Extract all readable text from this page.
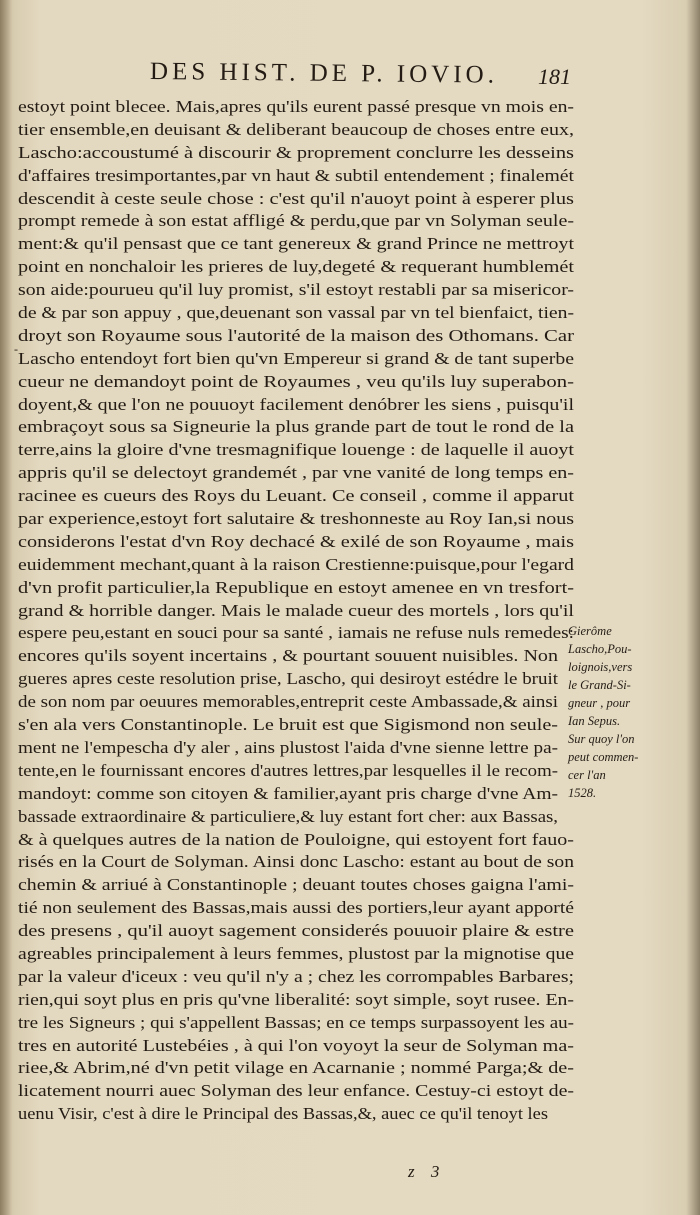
DES HIST. DE P. IOVIO. 181
-
estoyt point blecee. Mais,apres qu'ils eurent passé presque vn mois en-
tier ensemble,en deuisant & deliberant beaucoup de choses entre eux,
Lascho:accoustumé à discourir & proprement conclurre les desseins
d'affaires tresimportantes,par vn haut & subtil entendement ; finalemét
descendit à ceste seule chose : c'est qu'il n'auoyt point à esperer plus
prompt remede à son estat affligé & perdu,que par vn Solyman seule-
ment:& qu'il pensast que ce tant genereux & grand Prince ne mettroyt
point en nonchaloir les prieres de luy,degeté & requerant humblemét
son aide:pourueu qu'il luy promist, s'il estoyt restabli par sa misericor-
de & par son appuy , que,deuenant son vassal par vn tel bienfaict, tien-
droyt son Royaume sous l'autorité de la maison des Othomans. Car
Lascho entendoyt fort bien qu'vn Empereur si grand & de tant superbe
cueur ne demandoyt point de Royaumes , veu qu'ils luy superabon-
doyent,& que l'on ne pouuoyt facilement denóbrer les siens , puisqu'il
embraçoyt sous sa Signeurie la plus grande part de tout le rond de la
terre,ains la gloire d'vne tresmagnifique louenge : de laquelle il auoyt
appris qu'il se delectoyt grandemét , par vne vanité de long temps en-
racinee es cueurs des Roys du Leuant. Ce conseil , comme il apparut
par experience,estoyt fort salutaire & treshonneste au Roy Ian,si nous
considerons l'estat d'vn Roy dechacé & exilé de son Royaume , mais
euidemment mechant,quant à la raison Crestienne:puisque,pour l'egard
d'vn profit particulier,la Republique en estoyt amenee en vn tresfort-
grand & horrible danger. Mais le malade cueur des mortels , lors qu'il
espere peu,estant en souci pour sa santé , iamais ne refuse nuls remedes:
encores qu'ils soyent incertains , & pourtant souuent nuisibles. Non
gueres apres ceste resolution prise, Lascho, qui desiroyt estédre le bruit
de son nom par oeuures memorables,entreprit ceste Ambassade,& ainsi
s'en ala vers Constantinople. Le bruit est que Sigismond non seule-
ment ne l'empescha d'y aler , ains plustost l'aida d'vne sienne lettre pa-
tente,en le fournissant encores d'autres lettres,par lesquelles il le recom-
mandoyt: comme son citoyen & familier,ayant pris charge d'vne Am-
bassade extraordinaire & particuliere,& luy estant fort cher: aux Bassas,
& à quelques autres de la nation de Pouloigne, qui estoyent fort fauo-
risés en la Court de Solyman. Ainsi donc Lascho: estant au bout de son
chemin & arriué à Constantinople ; deuant toutes choses gaigna l'ami-
tié non seulement des Bassas,mais aussi des portiers,leur ayant apporté
des presens , qu'il auoyt sagement considerés pouuoir plaire & estre
agreables principalement à leurs femmes, plustost par la mignotise que
par la valeur d'iceux : veu qu'il n'y a ; chez les corrompables Barbares;
rien,qui soyt plus en pris qu'vne liberalité: soyt simple, soyt rusee. En-
tre les Signeurs ; qui s'appellent Bassas; en ce temps surpassoyent les au-
tres en autorité Lustebéies , à qui l'on voyoyt la seur de Solyman ma-
riee,& Abrim,né d'vn petit vilage en Acarnanie ; nommé Parga;& de-
licatement nourri auec Solyman des leur enfance. Cestuy-ci estoyt de-
uenu Visir, c'est à dire le Principal des Bassas,&, auec ce qu'il tenoyt les
Gierôme
Lascho,Pou-
loignois,vers
le Grand-Si-
gneur , pour
Ian Sepus.
Sur quoy l'on
peut commen-
cer l'an
1528.
z 3
